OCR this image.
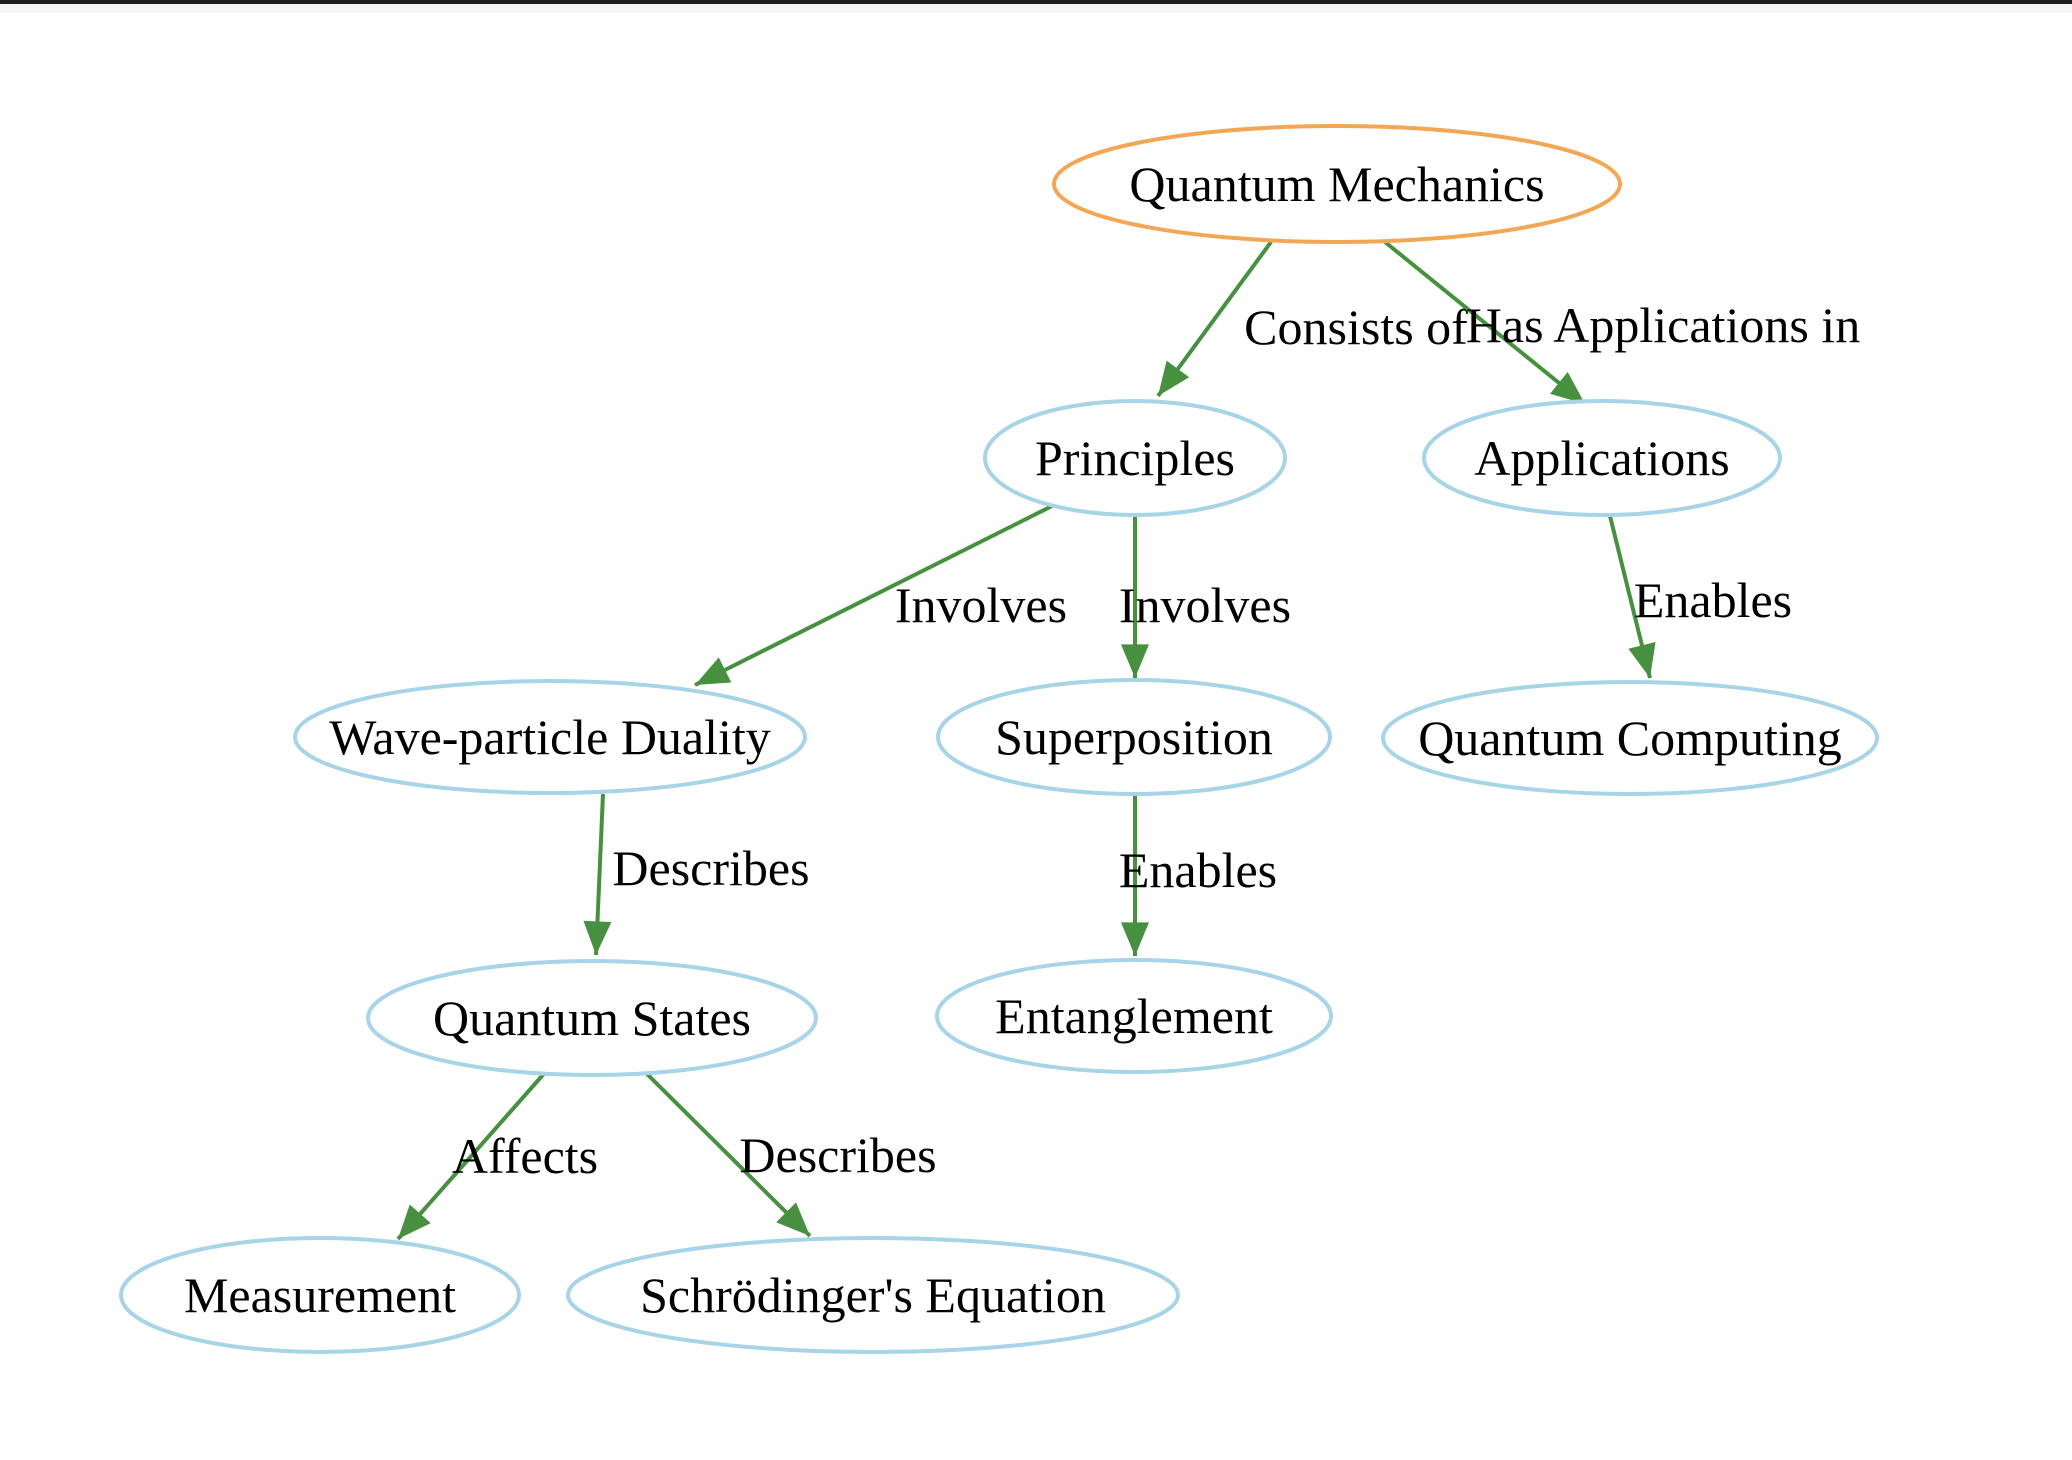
Consists of
Has Applications in
Involves Involves	Enables
Describes	Enables
Affects	Describes
Quantum Mechanics
Principles	Applications
Wave-particle Duality	Superposition	Quantum Computing
Quantum States	Entanglement
Measurement	Schrödinger's Equation
